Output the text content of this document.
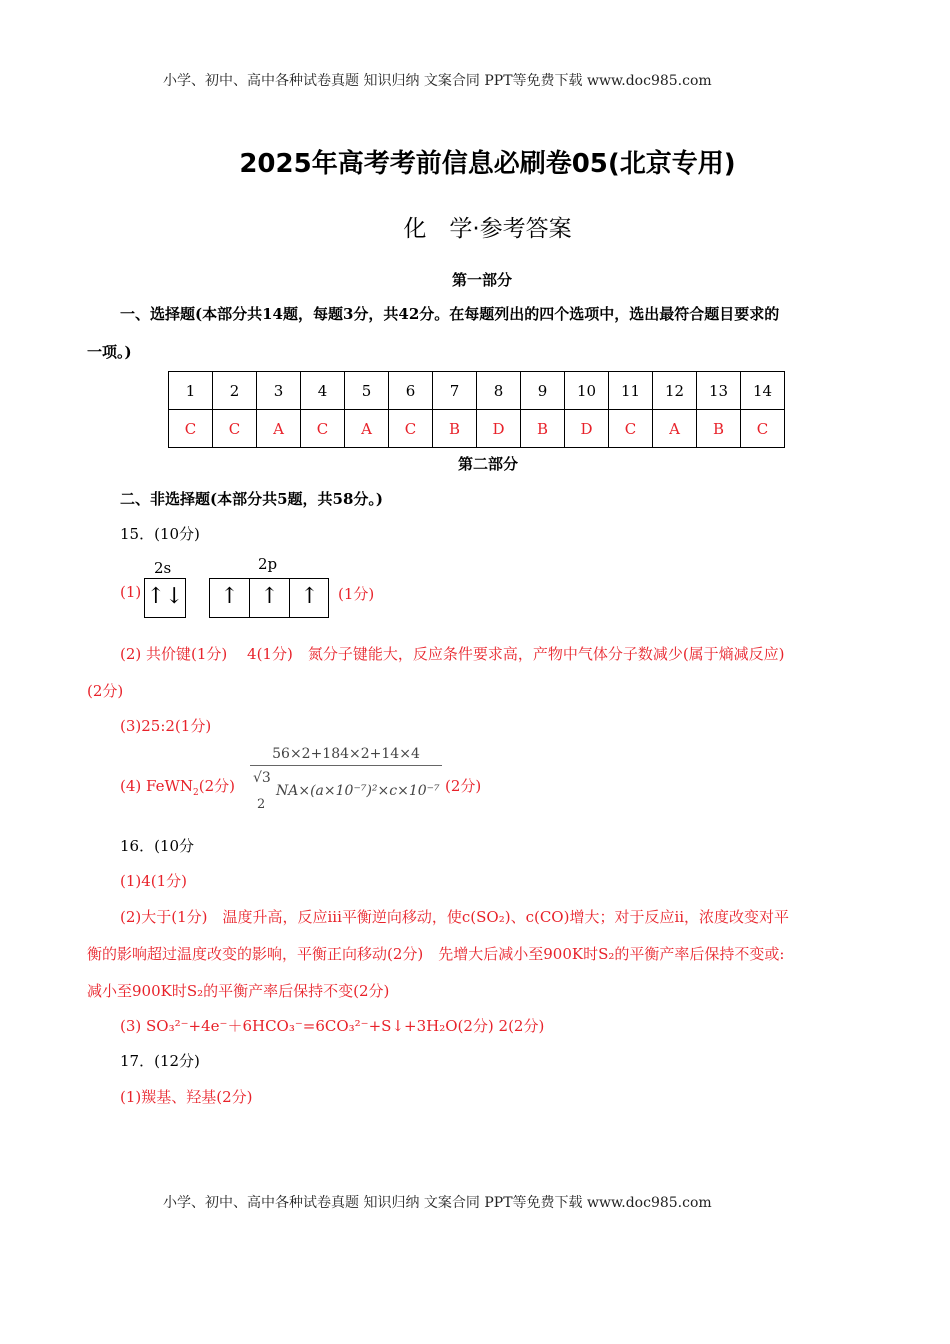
小学、初中、高中各种试卷真题 知识归纳 文案合同 PPT等免费下载 www.doc985.com
2025年高考考前信息必刷卷05(北京专用)
化　学·参考答案
第一部分
一、选择题(本部分共14题，每题3分，共42分。在每题列出的四个选项中，选出最符合题目要求的
一项。)
1	2	3	4	5	6	7	8	9	10	11	12	13	14
C	C	A	C	A	C	B	D	B	D	C	A	B	C
第二部分
二、非选择题(本部分共5题，共58分。)
15．(10分)
2s	2p
(1) ↑↓	↑ ↑ ↑	(1分)
(2) 共价键(1分)　 4(1分)　氮分子键能大，反应条件要求高，产物中气体分子数减少(属于熵减反应)
(2分)
(3)25:2(1分)
(4) FeWN$_2$(2分)
56×2+184×2+14×4
√3
2
NA×(a×10⁻⁷)²×c×10⁻⁷ (2分)
16．(10分
(1)4(1分)
(2)大于(1分)　温度升高，反应iii平衡逆向移动，使c(SO₂)、c(CO)增大；对于反应ii，浓度改变对平
衡的影响超过温度改变的影响，平衡正向移动(2分)　先增大后减小至900K时S₂的平衡产率后保持不变或:
减小至900K时S₂的平衡产率后保持不变(2分)
(3) SO₃²⁻+4e⁻＋6HCO₃⁻=6CO₃²⁻+S↓+3H₂O(2分) 2(2分)
17．(12分)
(1)羰基、羟基(2分)
小学、初中、高中各种试卷真题 知识归纳 文案合同 PPT等免费下载 www.doc985.com
